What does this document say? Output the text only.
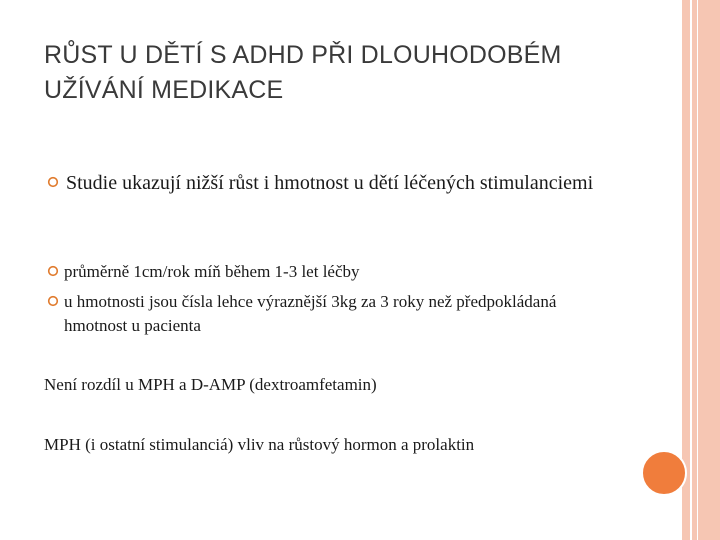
RŮST U DĚTÍ S ADHD PŘI DLOUHODOBÉM UŽÍVÁNÍ MEDIKACE
Studie ukazují nižší růst i hmotnost u dětí léčených stimulanciemi
průměrně 1cm/rok míň během 1-3 let léčby
u hmotnosti jsou čísla lehce výraznější 3kg za 3 roky než předpokládaná hmotnost u pacienta
Není rozdíl u MPH a D-AMP (dextroamfetamin)
MPH (i ostatní stimulanciá) vliv na růstový hormon a prolaktin
